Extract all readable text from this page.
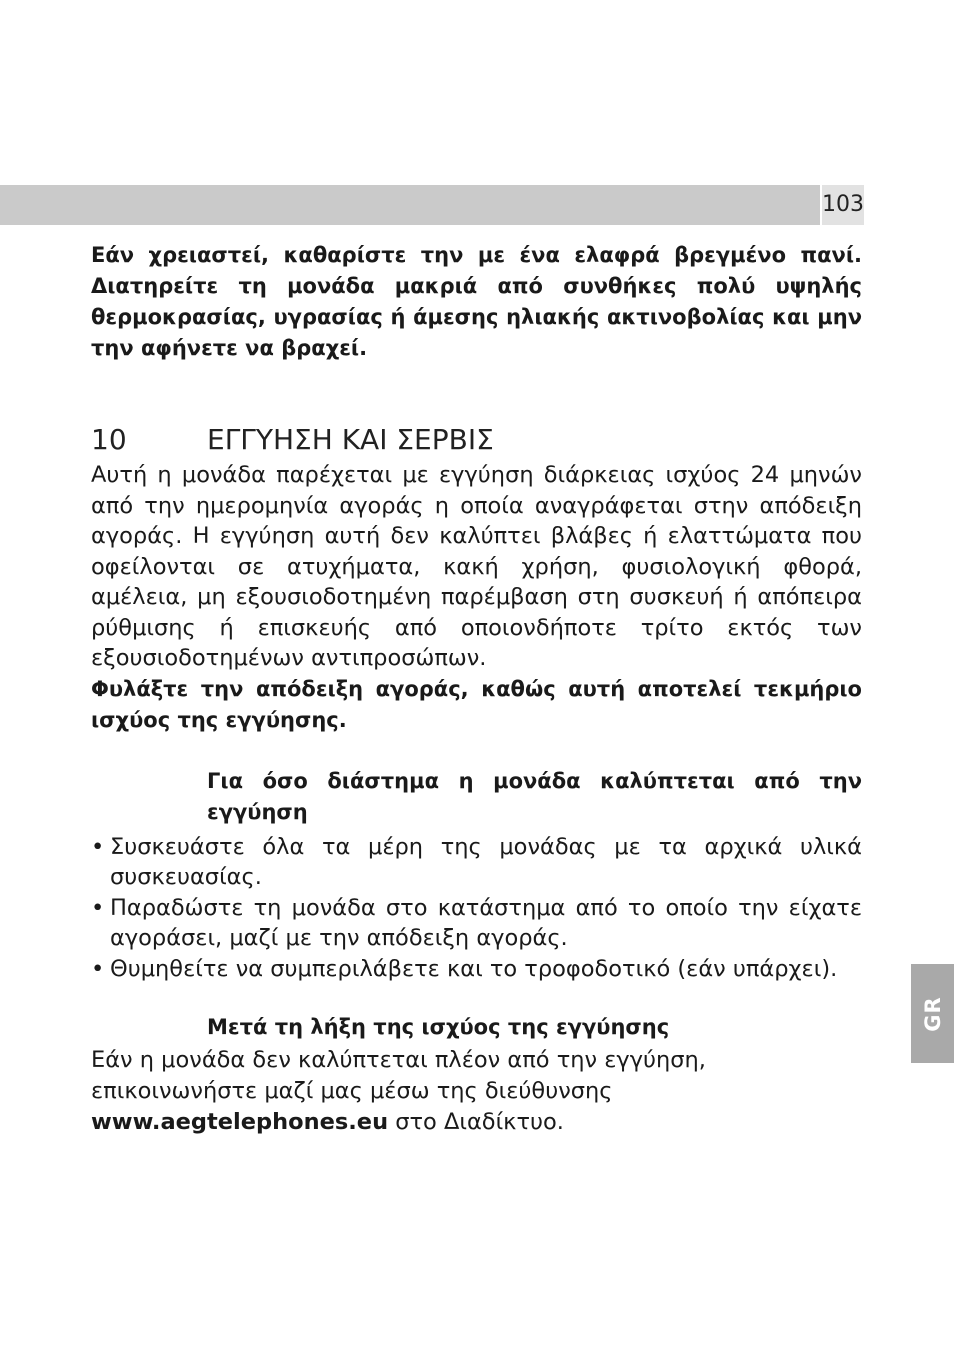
103
GR

Εάν χρειαστεί, καθαρίστε την με ένα ελαφρά βρεγμένο πανί. Διατηρείτε τη μονάδα μακριά από συνθήκες πολύ υψηλής θερμοκρασίας, υγρασίας ή άμεσης ηλιακής ακτινοβολίας και μην την αφήνετε να βραχεί.

10	ΕΓΓΥΗΣΗ ΚΑΙ ΣΕΡΒΙΣ

Αυτή η μονάδα παρέχεται με εγγύηση διάρκειας ισχύος 24 μηνών από την ημερομηνία αγοράς η οποία αναγράφεται στην απόδειξη αγοράς. Η εγγύηση αυτή δεν καλύπτει βλάβες ή ελαττώματα που οφείλονται σε ατυχήματα, κακή χρήση, φυσιολογική φθορά, αμέλεια, μη εξουσιοδοτημένη παρέμβαση στη συσκευή ή απόπειρα ρύθμισης ή επισκευής από οποιονδήποτε τρίτο εκτός των εξουσιοδοτημένων αντιπροσώπων.

Φυλάξτε την απόδειξη αγοράς, καθώς αυτή αποτελεί τεκμήριο ισχύος της εγγύησης.

Για όσο διάστημα η μονάδα καλύπτεται από την εγγύηση

• Συσκευάστε όλα τα μέρη της μονάδας με τα αρχικά υλικά συσκευασίας.
• Παραδώστε τη μονάδα στο κατάστημα από το οποίο την είχατε αγοράσει, μαζί με την απόδειξη αγοράς.
• Θυμηθείτε να συμπεριλάβετε και το τροφοδοτικό (εάν υπάρχει).

Μετά τη λήξη της ισχύος της εγγύησης

Εάν η μονάδα δεν καλύπτεται πλέον από την εγγύηση,
επικοινωνήστε μαζί μας μέσω της διεύθυνσης
www.aegtelephones.eu στο Διαδίκτυο.
